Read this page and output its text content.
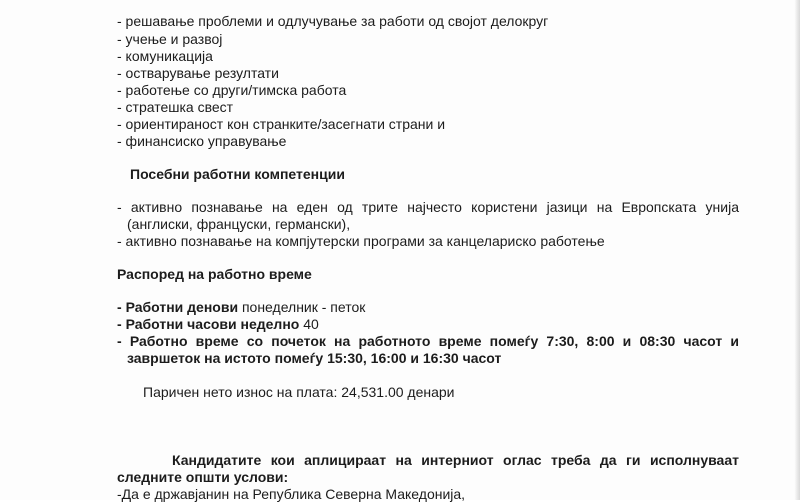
- решавање проблеми и одлучување за работи од својот делокруг
- учење и развој
- комуникација
- остварување резултати
- работење со други/тимска работа
- стратешка свест
- ориентираност кон странките/засегнати страни и
- финансиско управување
Посебни работни компетенции
- активно познавање на еден од трите најчесто користени јазици на Европската унија
(англиски, француски, германски),
- активно познавање на компјутерски програми за канцелариско работење
Распоред на работно време
- Работни денови понеделник - петок
- Работни часови неделно 40
- Работно време со почеток на работното време помеѓу 7:30, 8:00 и 08:30 часот и
завршеток на истото помеѓу 15:30, 16:00 и 16:30 часот
Паричен нето износ на плата: 24,531.00 денари
Кандидатите кои аплицираат на интерниот оглас треба да ги исполнуваат
следните општи услови:
-Да е државјанин на Република Северна Македонија,
